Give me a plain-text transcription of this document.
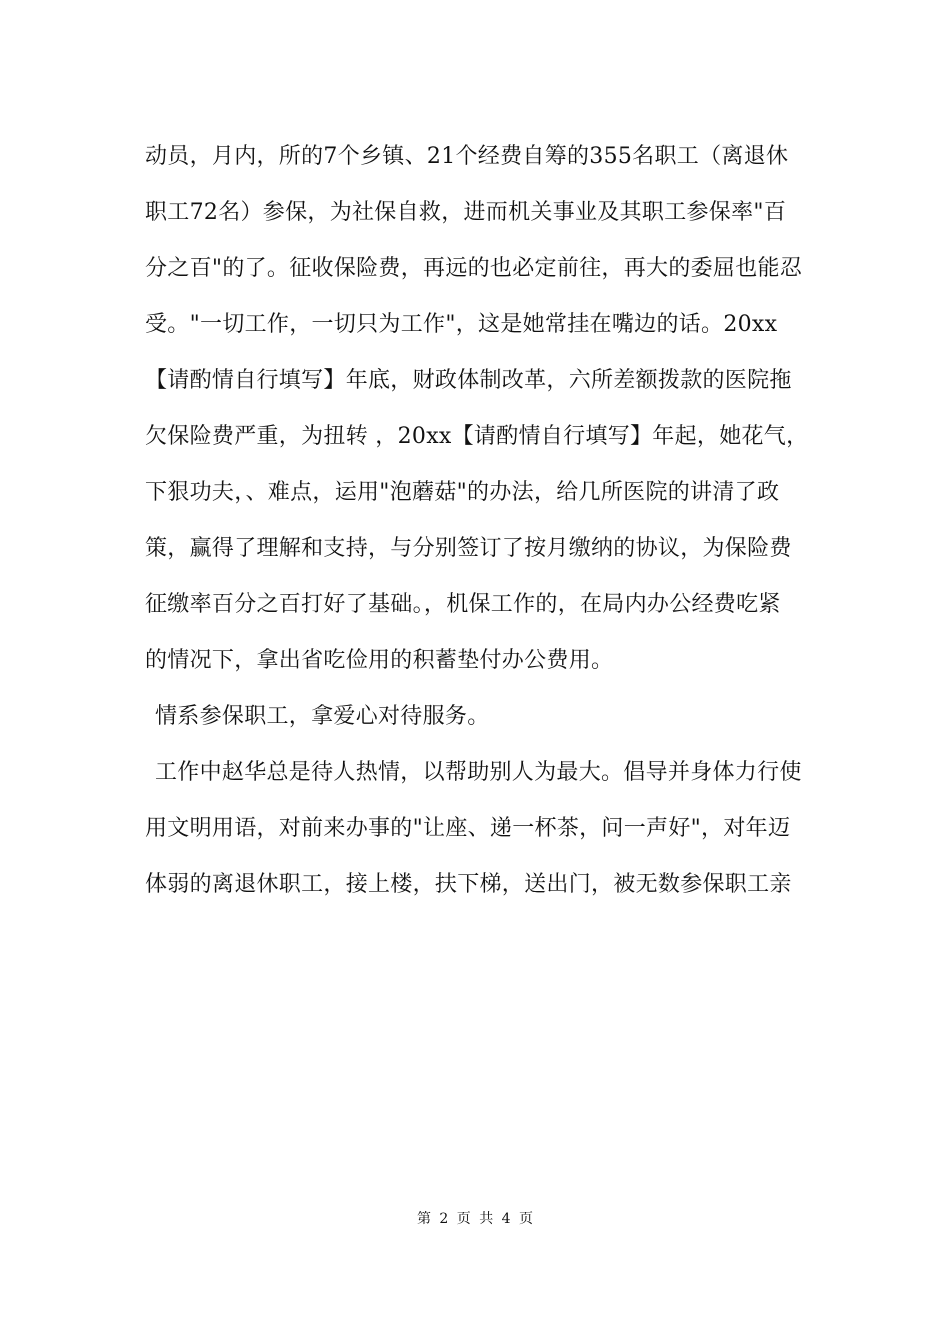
动员，月内，所的7个乡镇、21个经费自筹的355名职工（离退休

职工72名）参保，为社保自救，进而机关事业及其职工参保率"百

分之百"的了。征收保险费，再远的也必定前往，再大的委屈也能忍

受。"一切工作，一切只为工作"，这是她常挂在嘴边的话。20xx

【请酌情自行填写】年底，财政体制改革，六所差额拨款的医院拖

欠保险费严重，为扭转 ，20xx【请酌情自行填写】年起，她花气，

下狠功夫，、难点，运用"泡蘑菇"的办法，给几所医院的讲清了政

策，赢得了理解和支持，与分别签订了按月缴纳的协议，为保险费

征缴率百分之百打好了基础。，机保工作的，在局内办公经费吃紧

的情况下，拿出省吃俭用的积蓄垫付办公费用。

情系参保职工，拿爱心对待服务。

工作中赵华总是待人热情，以帮助别人为最大。倡导并身体力行使

用文明用语，对前来办事的"让座、递一杯茶，问一声好"，对年迈

体弱的离退休职工，接上楼，扶下梯，送出门，被无数参保职工亲

第 2 页 共 4 页
